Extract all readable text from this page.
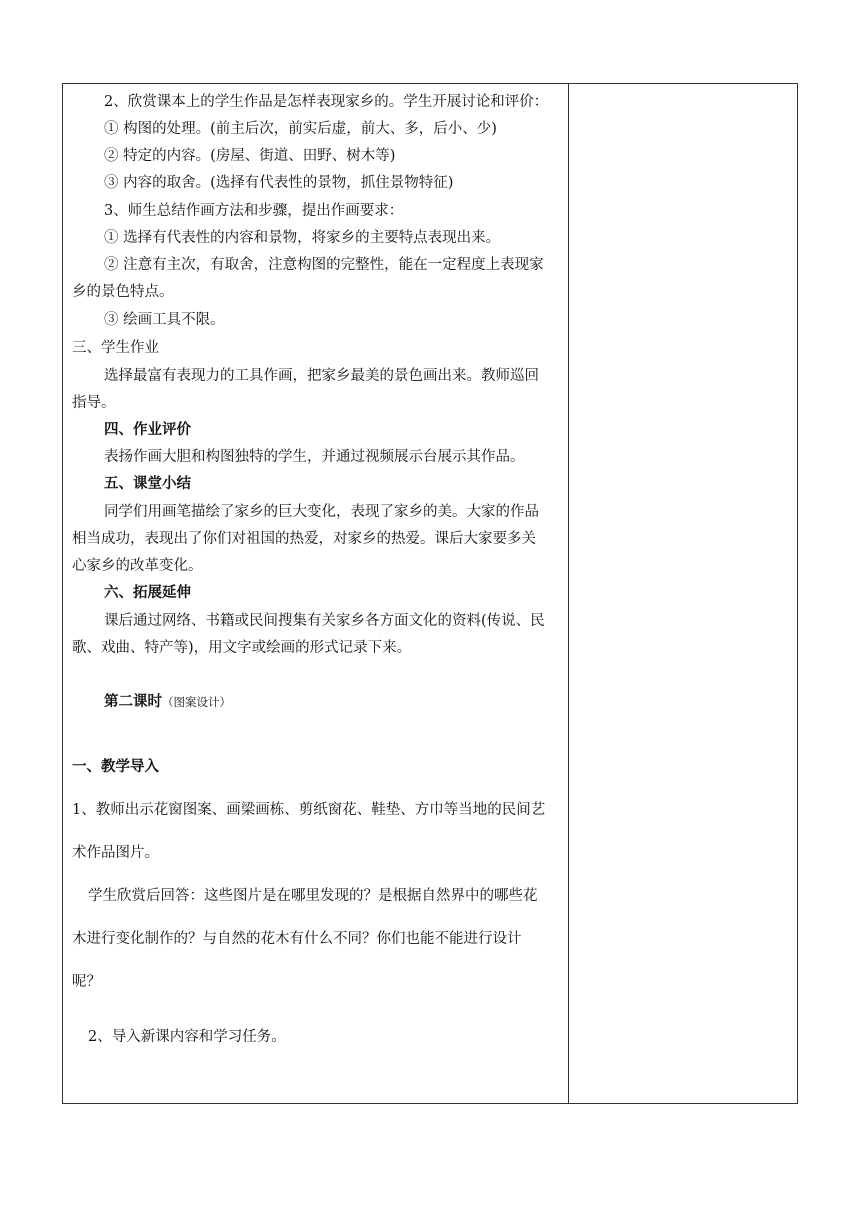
2、欣赏课本上的学生作品是怎样表现家乡的。学生开展讨论和评价：
① 构图的处理。(前主后次，前实后虚，前大、多，后小、少)
② 特定的内容。(房屋、街道、田野、树木等)
③ 内容的取舍。(选择有代表性的景物，抓住景物特征)
3、师生总结作画方法和步骤，提出作画要求：
① 选择有代表性的内容和景物，将家乡的主要特点表现出来。
② 注意有主次，有取舍，注意构图的完整性，能在一定程度上表现家
乡的景色特点。
③ 绘画工具不限。
三、学生作业
选择最富有表现力的工具作画，把家乡最美的景色画出来。教师巡回
指导。
四、作业评价
表扬作画大胆和构图独特的学生，并通过视频展示台展示其作品。
五、课堂小结
同学们用画笔描绘了家乡的巨大变化，表现了家乡的美。大家的作品
相当成功，表现出了你们对祖国的热爱，对家乡的热爱。课后大家要多关
心家乡的改革变化。
六、拓展延伸
课后通过网络、书籍或民间搜集有关家乡各方面文化的资料(传说、民
歌、戏曲、特产等)，用文字或绘画的形式记录下来。
第二课时（图案设计）
一、教学导入
1、教师出示花窗图案、画梁画栋、剪纸窗花、鞋垫、方巾等当地的民间艺
术作品图片。
学生欣赏后回答：这些图片是在哪里发现的？是根据自然界中的哪些花
木进行变化制作的？与自然的花木有什么不同？你们也能不能进行设计
呢？
2、导入新课内容和学习任务。
